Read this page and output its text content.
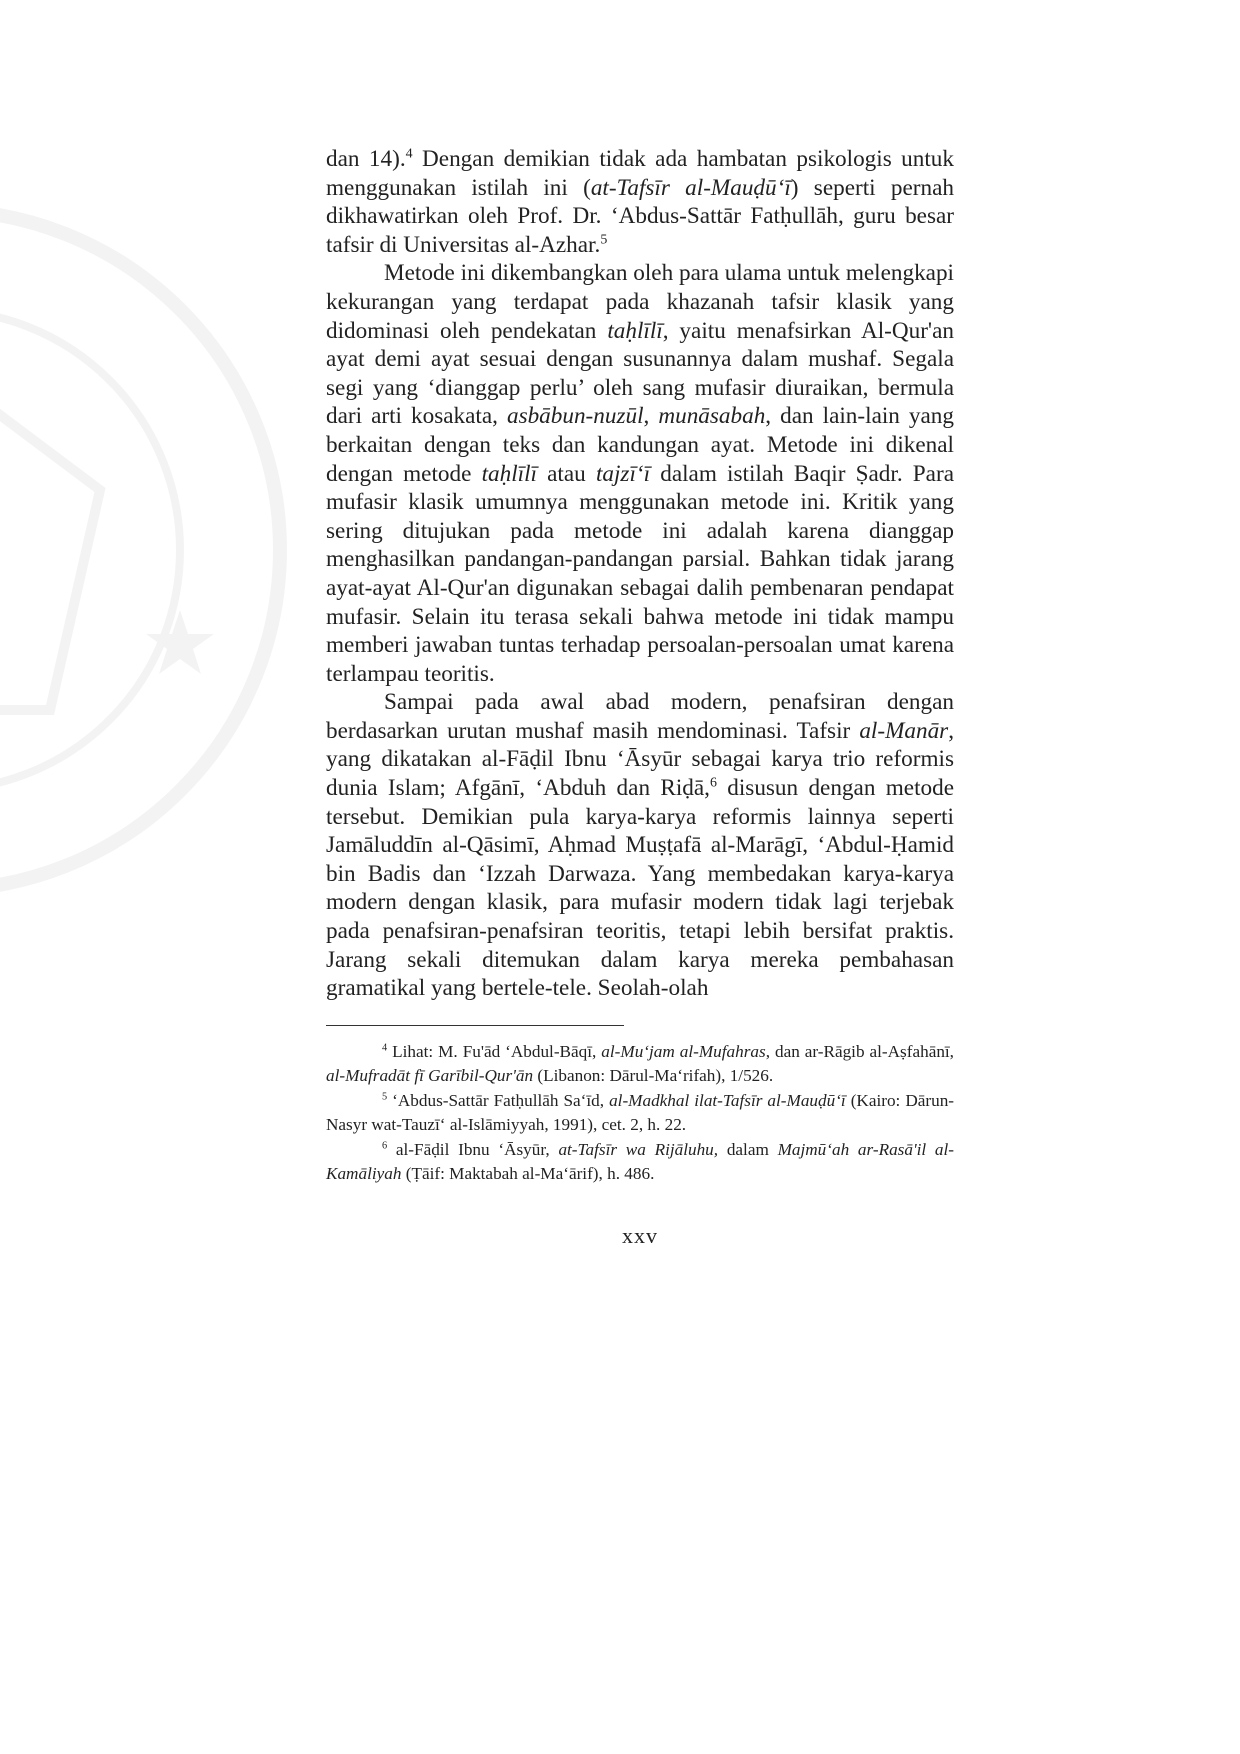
dan 14).$^4$ Dengan demikian tidak ada hambatan psikologis untuk menggunakan istilah ini (at-Tafsīr al-Mauḍū‘ī) seperti pernah dikhawatirkan oleh Prof. Dr. ‘Abdus-Sattār Fatḥullāh, guru besar tafsir di Universitas al-Azhar.$^5$

Metode ini dikembangkan oleh para ulama untuk melengkapi kekurangan yang terdapat pada khazanah tafsir klasik yang didominasi oleh pendekatan taḥlīlī, yaitu menafsirkan Al-Qur'an ayat demi ayat sesuai dengan susunannya dalam mushaf. Segala segi yang ‘dianggap perlu’ oleh sang mufasir diuraikan, bermula dari arti kosakata, asbābun-nuzūl, munāsabah, dan lain-lain yang berkaitan dengan teks dan kandungan ayat. Metode ini dikenal dengan metode taḥlīlī atau tajzī‘ī dalam istilah Baqir Ṣadr. Para mufasir klasik umumnya menggunakan metode ini. Kritik yang sering ditujukan pada metode ini adalah karena dianggap menghasilkan pandangan-pandangan parsial. Bahkan tidak jarang ayat-ayat Al-Qur'an digunakan sebagai dalih pembenaran pendapat mufasir. Selain itu terasa sekali bahwa metode ini tidak mampu memberi jawaban tuntas terhadap persoalan-persoalan umat karena terlampau teoritis.

Sampai pada awal abad modern, penafsiran dengan berdasarkan urutan mushaf masih mendominasi. Tafsir al-Manār, yang dikatakan al-Fāḍil Ibnu ‘Āsyūr sebagai karya trio reformis dunia Islam; Afgānī, ‘Abduh dan Riḍā,$^6$ disusun dengan metode tersebut. Demikian pula karya-karya reformis lainnya seperti Jamāluddīn al-Qāsimī, Aḥmad Muṣṭafā al-Marāgī, ‘Abdul-Ḥamid bin Badis dan ‘Izzah Darwaza. Yang membedakan karya-karya modern dengan klasik, para mufasir modern tidak lagi terjebak pada penafsiran-penafsiran teoritis, tetapi lebih bersifat praktis. Jarang sekali ditemukan dalam karya mereka pembahasan gramatikal yang bertele-tele. Seolah-olah

$^4$ Lihat: M. Fu'ād ‘Abdul-Bāqī, al-Mu‘jam al-Mufahras, dan ar-Rāgib al-Aṣfahānī, al-Mufradāt fī Garībil-Qur'ān (Libanon: Dārul-Ma‘rifah), 1/526.

$^5$ ‘Abdus-Sattār Fatḥullāh Sa‘īd, al-Madkhal ilat-Tafsīr al-Mauḍū‘ī (Kairo: Dārun-Nasyr wat-Tauzī‘ al-Islāmiyyah, 1991), cet. 2, h. 22.

$^6$ al-Fāḍil Ibnu ‘Āsyūr, at-Tafsīr wa Rijāluhu, dalam Majmū‘ah ar-Rasā'il al-Kamāliyah (Ṭāif: Maktabah al-Ma‘ārif), h. 486.

xxv
